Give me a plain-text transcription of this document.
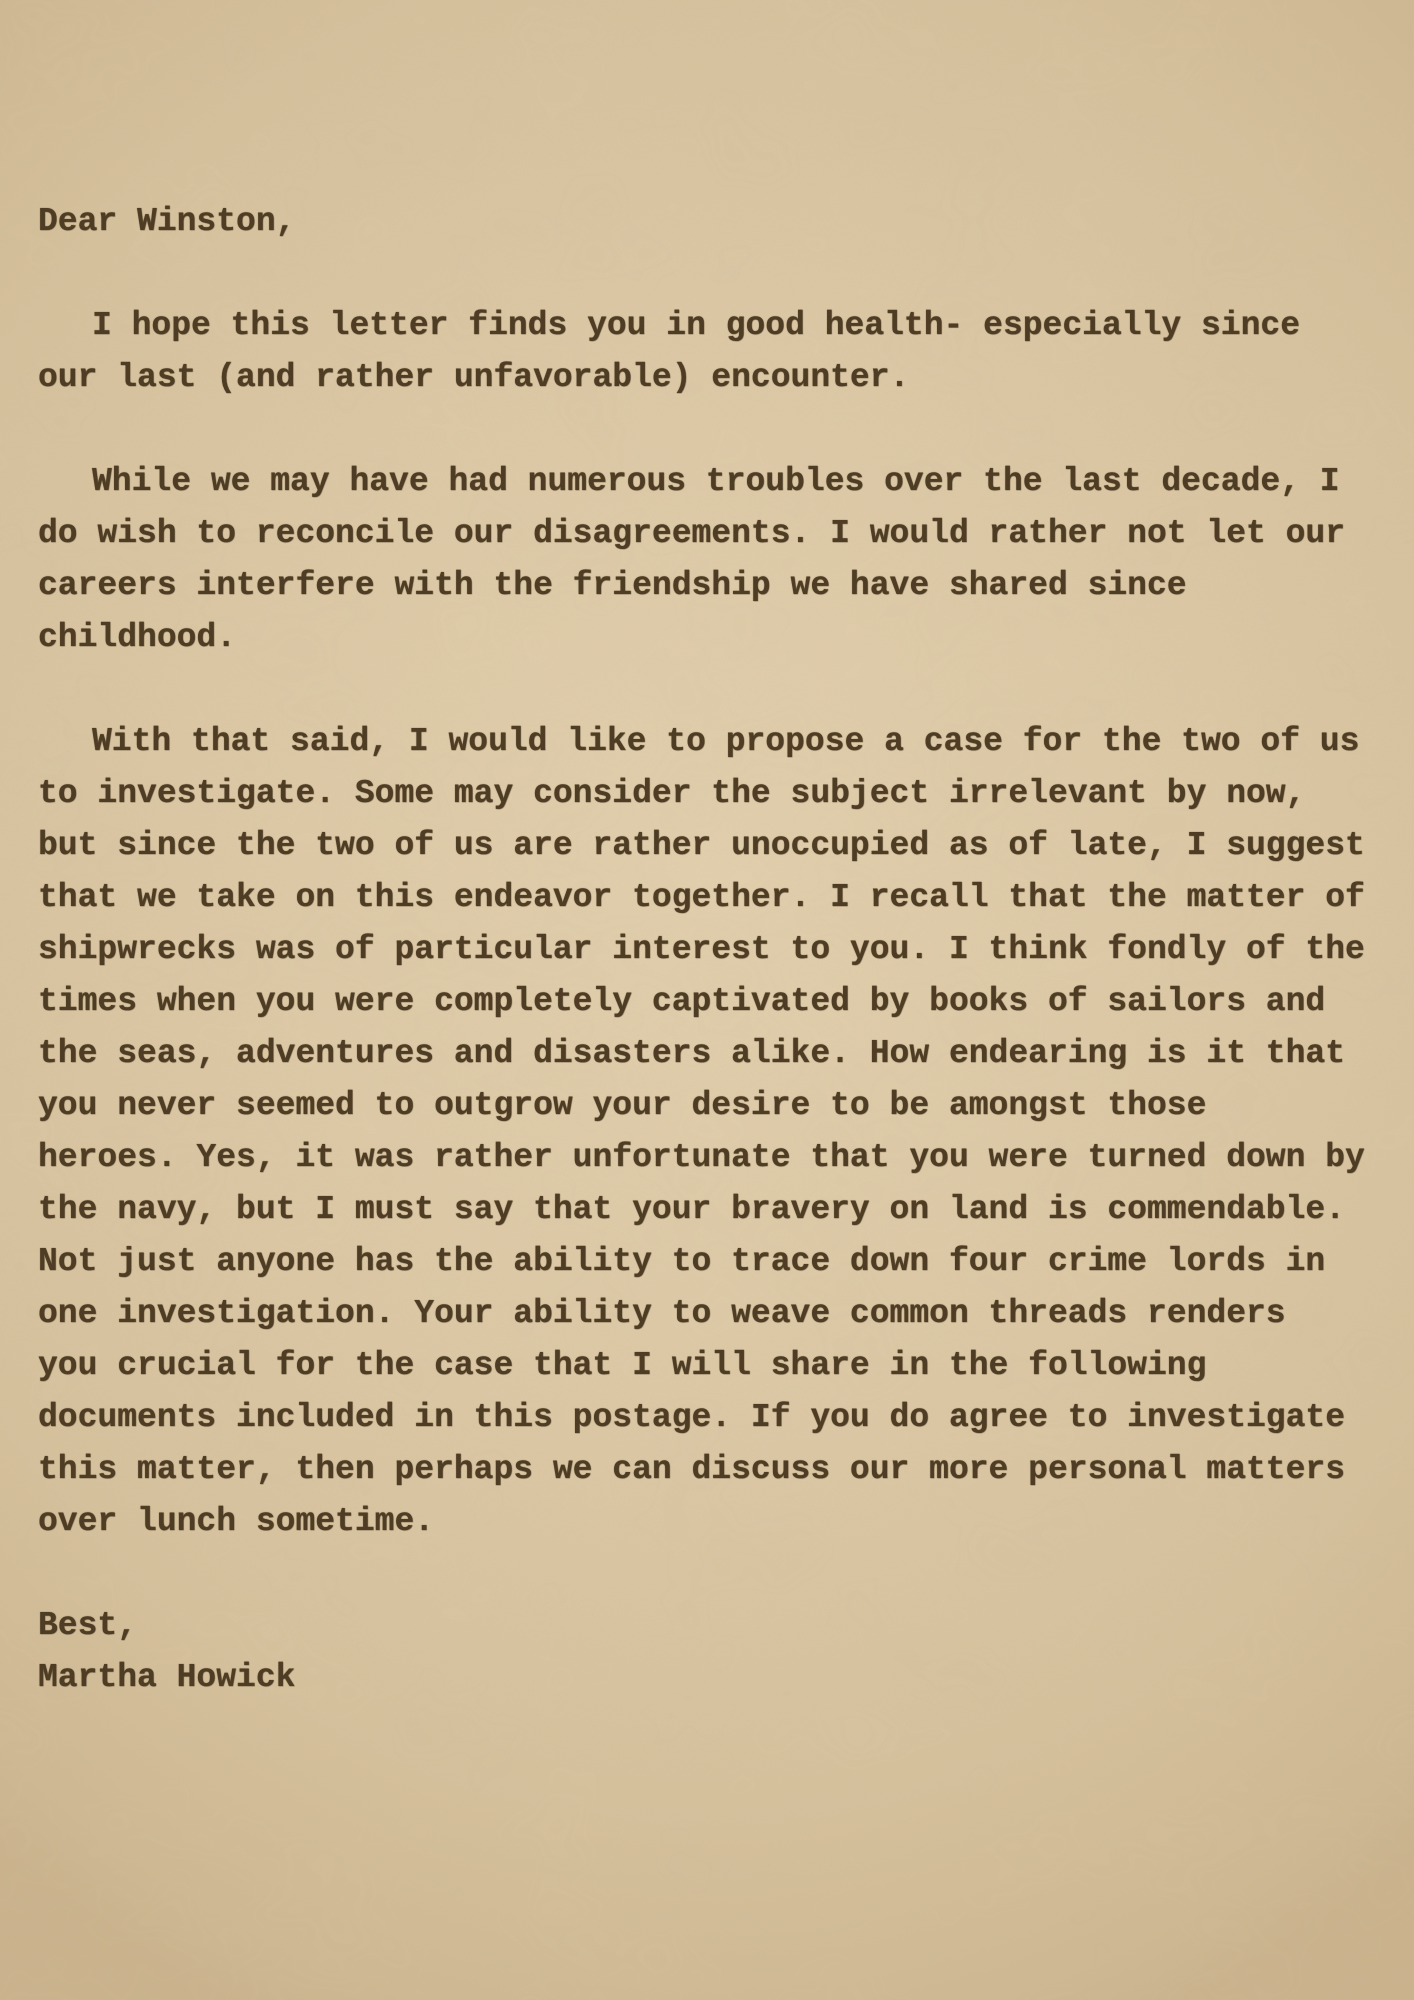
Dear Winston,
I hope this letter finds you in good health- especially since
our last (and rather unfavorable) encounter.
While we may have had numerous troubles over the last decade, I
do wish to reconcile our disagreements. I would rather not let our
careers interfere with the friendship we have shared since
childhood.
With that said, I would like to propose a case for the two of us
to investigate. Some may consider the subject irrelevant by now,
but since the two of us are rather unoccupied as of late, I suggest
that we take on this endeavor together. I recall that the matter of
shipwrecks was of particular interest to you. I think fondly of the
times when you were completely captivated by books of sailors and
the seas, adventures and disasters alike. How endearing is it that
you never seemed to outgrow your desire to be amongst those
heroes. Yes, it was rather unfortunate that you were turned down by
the navy, but I must say that your bravery on land is commendable.
Not just anyone has the ability to trace down four crime lords in
one investigation. Your ability to weave common threads renders
you crucial for the case that I will share in the following
documents included in this postage. If you do agree to investigate
this matter, then perhaps we can discuss our more personal matters
over lunch sometime.
Best,
Martha Howick
